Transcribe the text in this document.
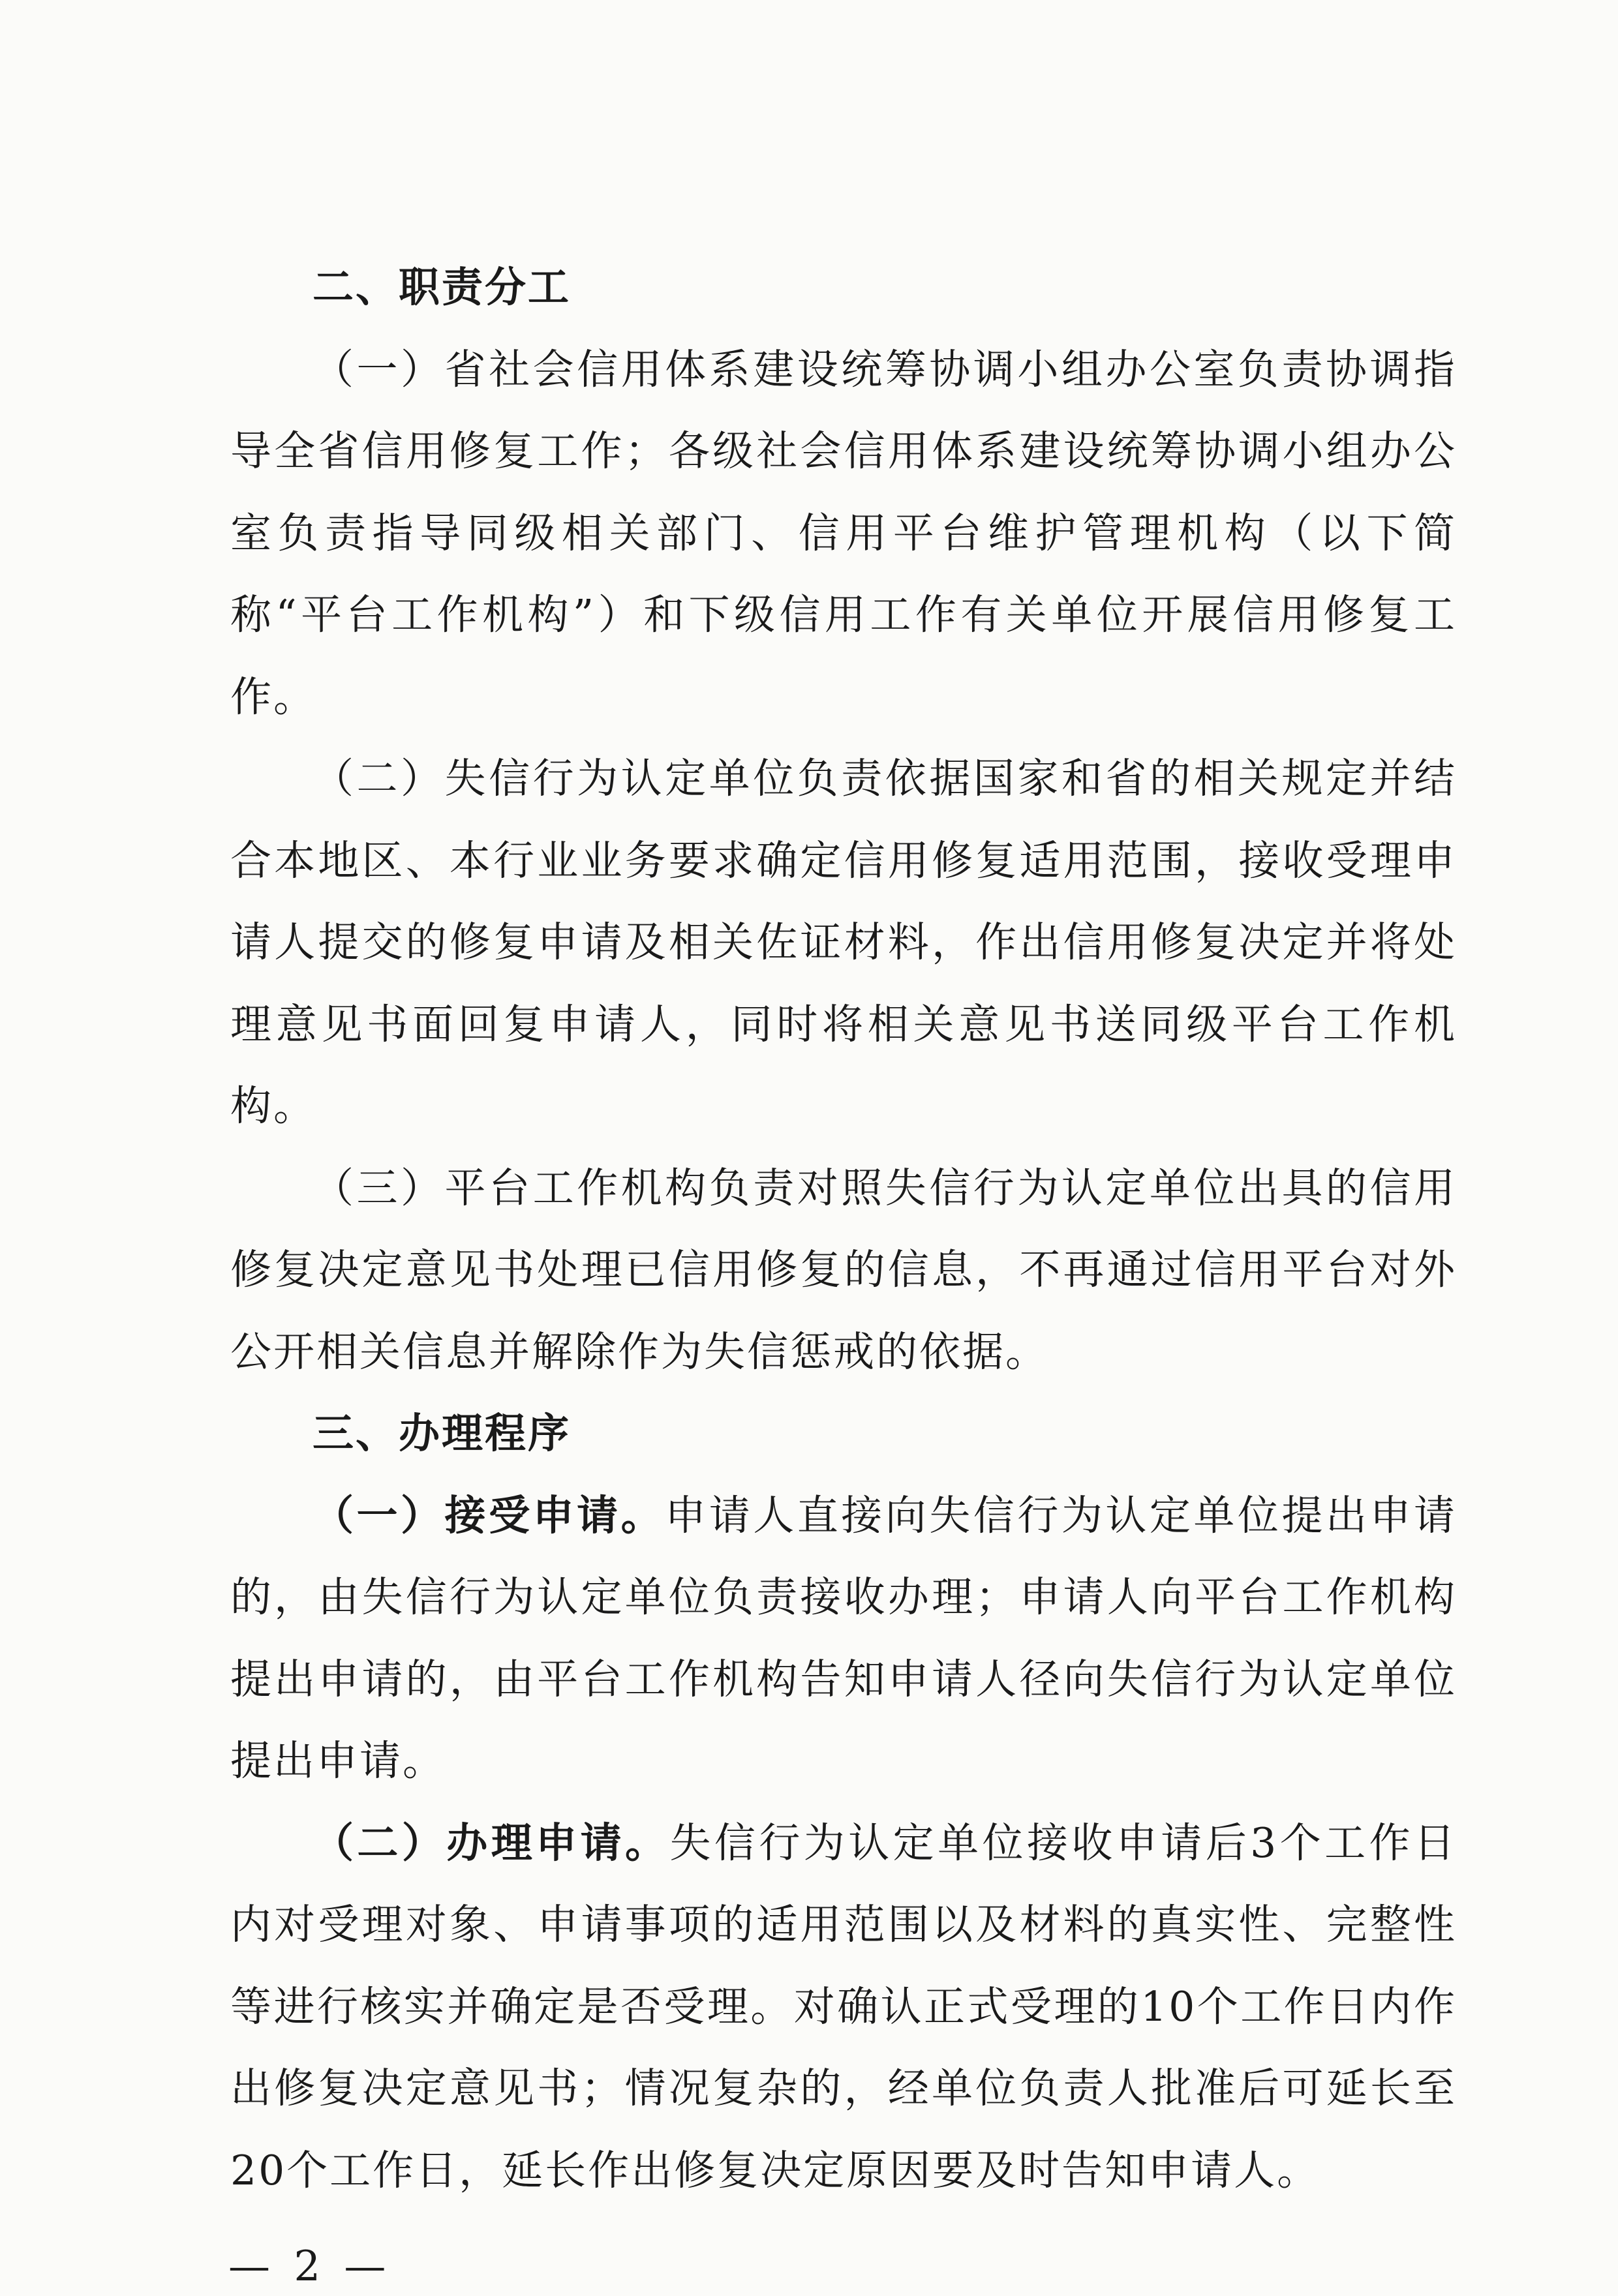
二、职责分工

（一）省社会信用体系建设统筹协调小组办公室负责协调指导全省信用修复工作；各级社会信用体系建设统筹协调小组办公室负责指导同级相关部门、信用平台维护管理机构（以下简称“平台工作机构”）和下级信用工作有关单位开展信用修复工作。

（二）失信行为认定单位负责依据国家和省的相关规定并结合本地区、本行业业务要求确定信用修复适用范围，接收受理申请人提交的修复申请及相关佐证材料，作出信用修复决定并将处理意见书面回复申请人，同时将相关意见书送同级平台工作机构。

（三）平台工作机构负责对照失信行为认定单位出具的信用修复决定意见书处理已信用修复的信息，不再通过信用平台对外公开相关信息并解除作为失信惩戒的依据。

三、办理程序

（一）接受申请。申请人直接向失信行为认定单位提出申请的，由失信行为认定单位负责接收办理；申请人向平台工作机构提出申请的，由平台工作机构告知申请人径向失信行为认定单位提出申请。

（二）办理申请。失信行为认定单位接收申请后3个工作日内对受理对象、申请事项的适用范围以及材料的真实性、完整性等进行核实并确定是否受理。对确认正式受理的10个工作日内作出修复决定意见书；情况复杂的，经单位负责人批准后可延长至20个工作日，延长作出修复决定原因要及时告知申请人。

— 2 —
